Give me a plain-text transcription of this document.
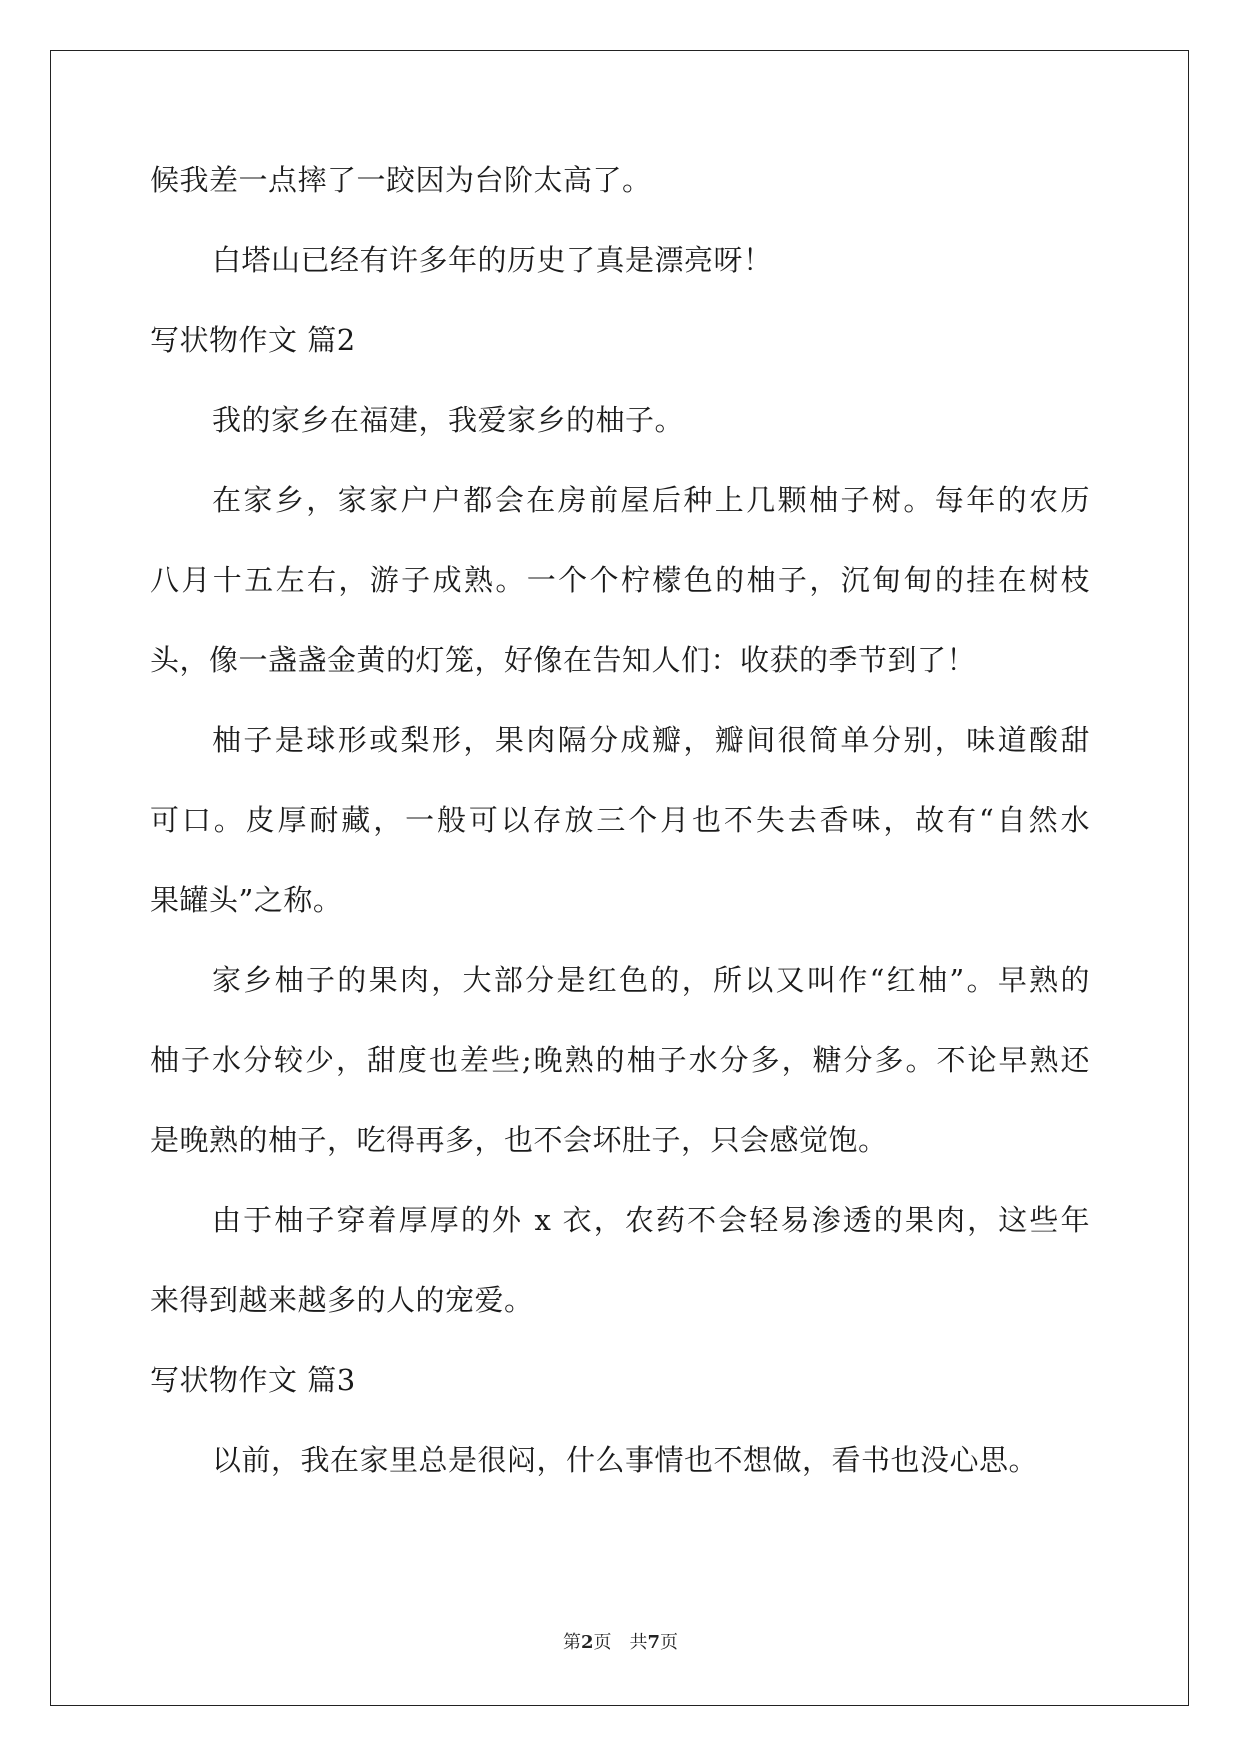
候我差一点摔了一跤因为台阶太高了。
白塔山已经有许多年的历史了真是漂亮呀！
写状物作文 篇2
我的家乡在福建，我爱家乡的柚子。
在家乡，家家户户都会在房前屋后种上几颗柚子树。每年的农历
八月十五左右，游子成熟。一个个柠檬色的柚子，沉甸甸的挂在树枝
头，像一盏盏金黄的灯笼，好像在告知人们：收获的季节到了！
柚子是球形或梨形，果肉隔分成瓣，瓣间很简单分别，味道酸甜
可口。皮厚耐藏，一般可以存放三个月也不失去香味，故有“自然水
果罐头”之称。
家乡柚子的果肉，大部分是红色的，所以又叫作“红柚”。早熟的
柚子水分较少，甜度也差些;晚熟的柚子水分多，糖分多。不论早熟还
是晚熟的柚子，吃得再多，也不会坏肚子，只会感觉饱。
由于柚子穿着厚厚的外 x 衣，农药不会轻易渗透的果肉，这些年
来得到越来越多的人的宠爱。
写状物作文 篇3
以前，我在家里总是很闷，什么事情也不想做，看书也没心思。
第2页　共7页
